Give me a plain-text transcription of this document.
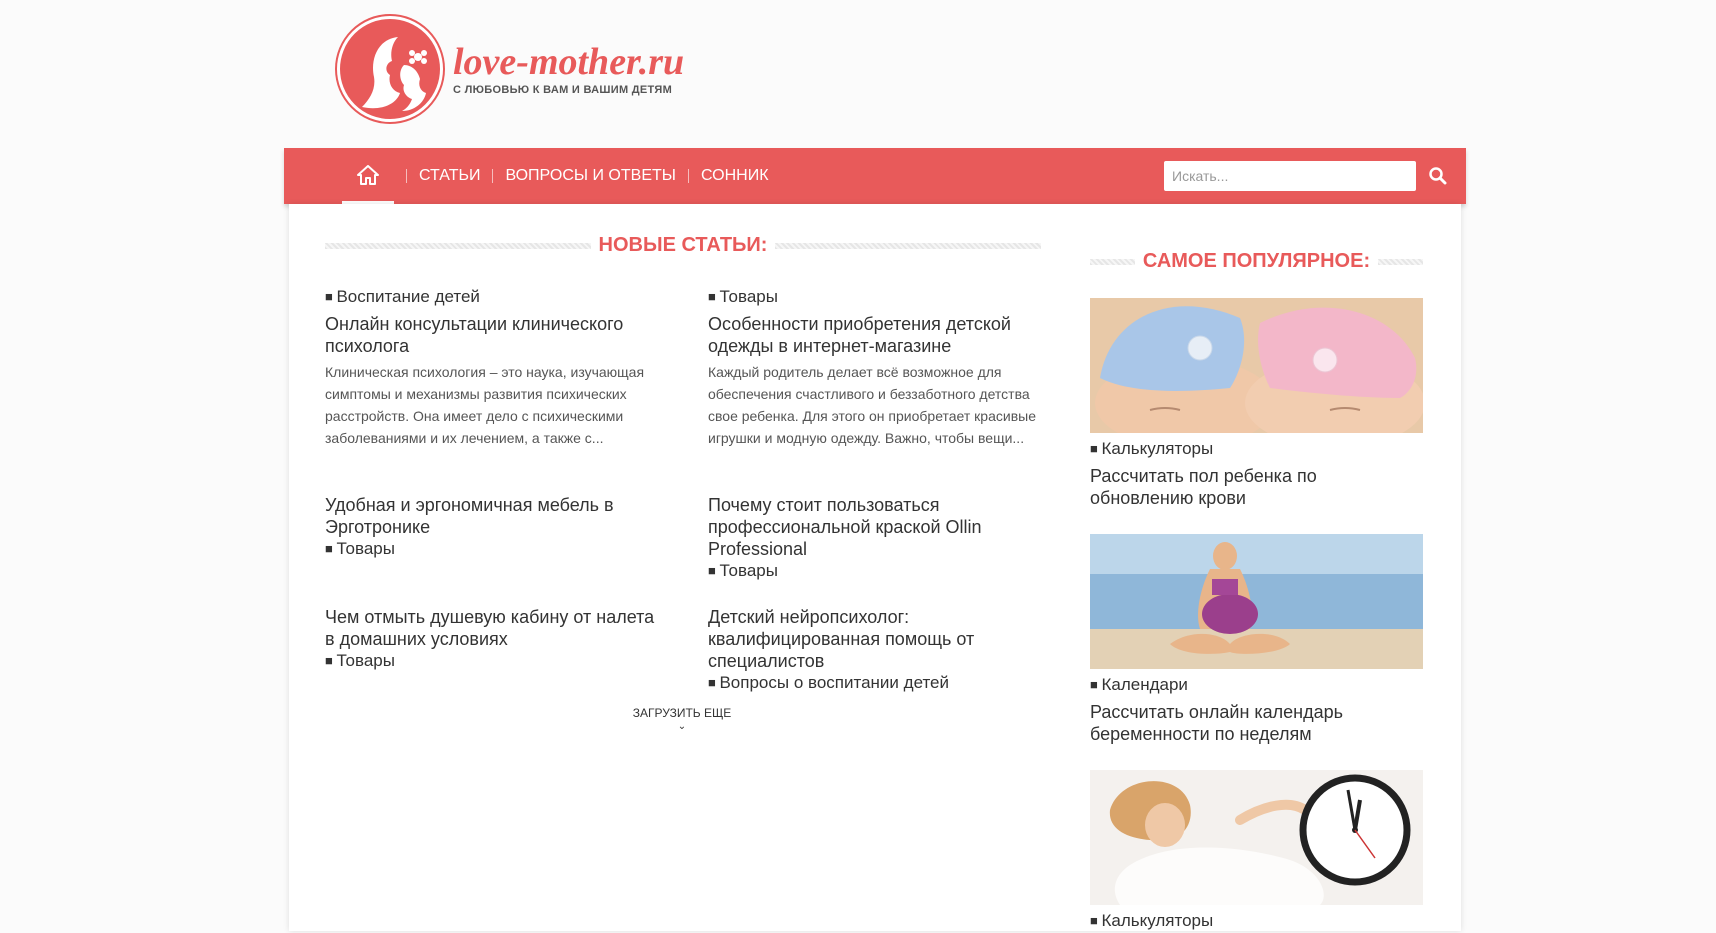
love-mother.ru
С ЛЮБОВЬЮ К ВАМ И ВАШИМ ДЕТЯМ
СТАТЬИ ВОПРОСЫ И ОТВЕТЫ СОННИК
Искать...
НОВЫЕ СТАТЬИ:
■ Воспитание детей
Онлайн консультации клинического психолога
Клиническая психология – это наука, изучающая симптомы и механизмы развития психических расстройств. Она имеет дело с психическими заболеваниями и их лечением, а также с...
■ Товары
Особенности приобретения детской одежды в интернет-магазине
Каждый родитель делает всё возможное для обеспечения счастливого и беззаботного детства свое ребенка. Для этого он приобретает красивые игрушки и модную одежду. Важно, чтобы вещи...
Удобная и эргономичная мебель в Эрготронике
■ Товары
Почему стоит пользоваться профессиональной краской Ollin Professional
■ Товары
Чем отмыть душевую кабину от налета в домашних условиях
■ Товары
Детский нейропсихолог: квалифицированная помощь от специалистов
■ Вопросы о воспитании детей
ЗАГРУЗИТЬ ЕЩЕ
⌄
САМОЕ ПОПУЛЯРНОЕ:
■ Калькуляторы
Рассчитать пол ребенка по обновлению крови
■ Календари
Рассчитать онлайн календарь беременности по неделям
■ Калькуляторы
